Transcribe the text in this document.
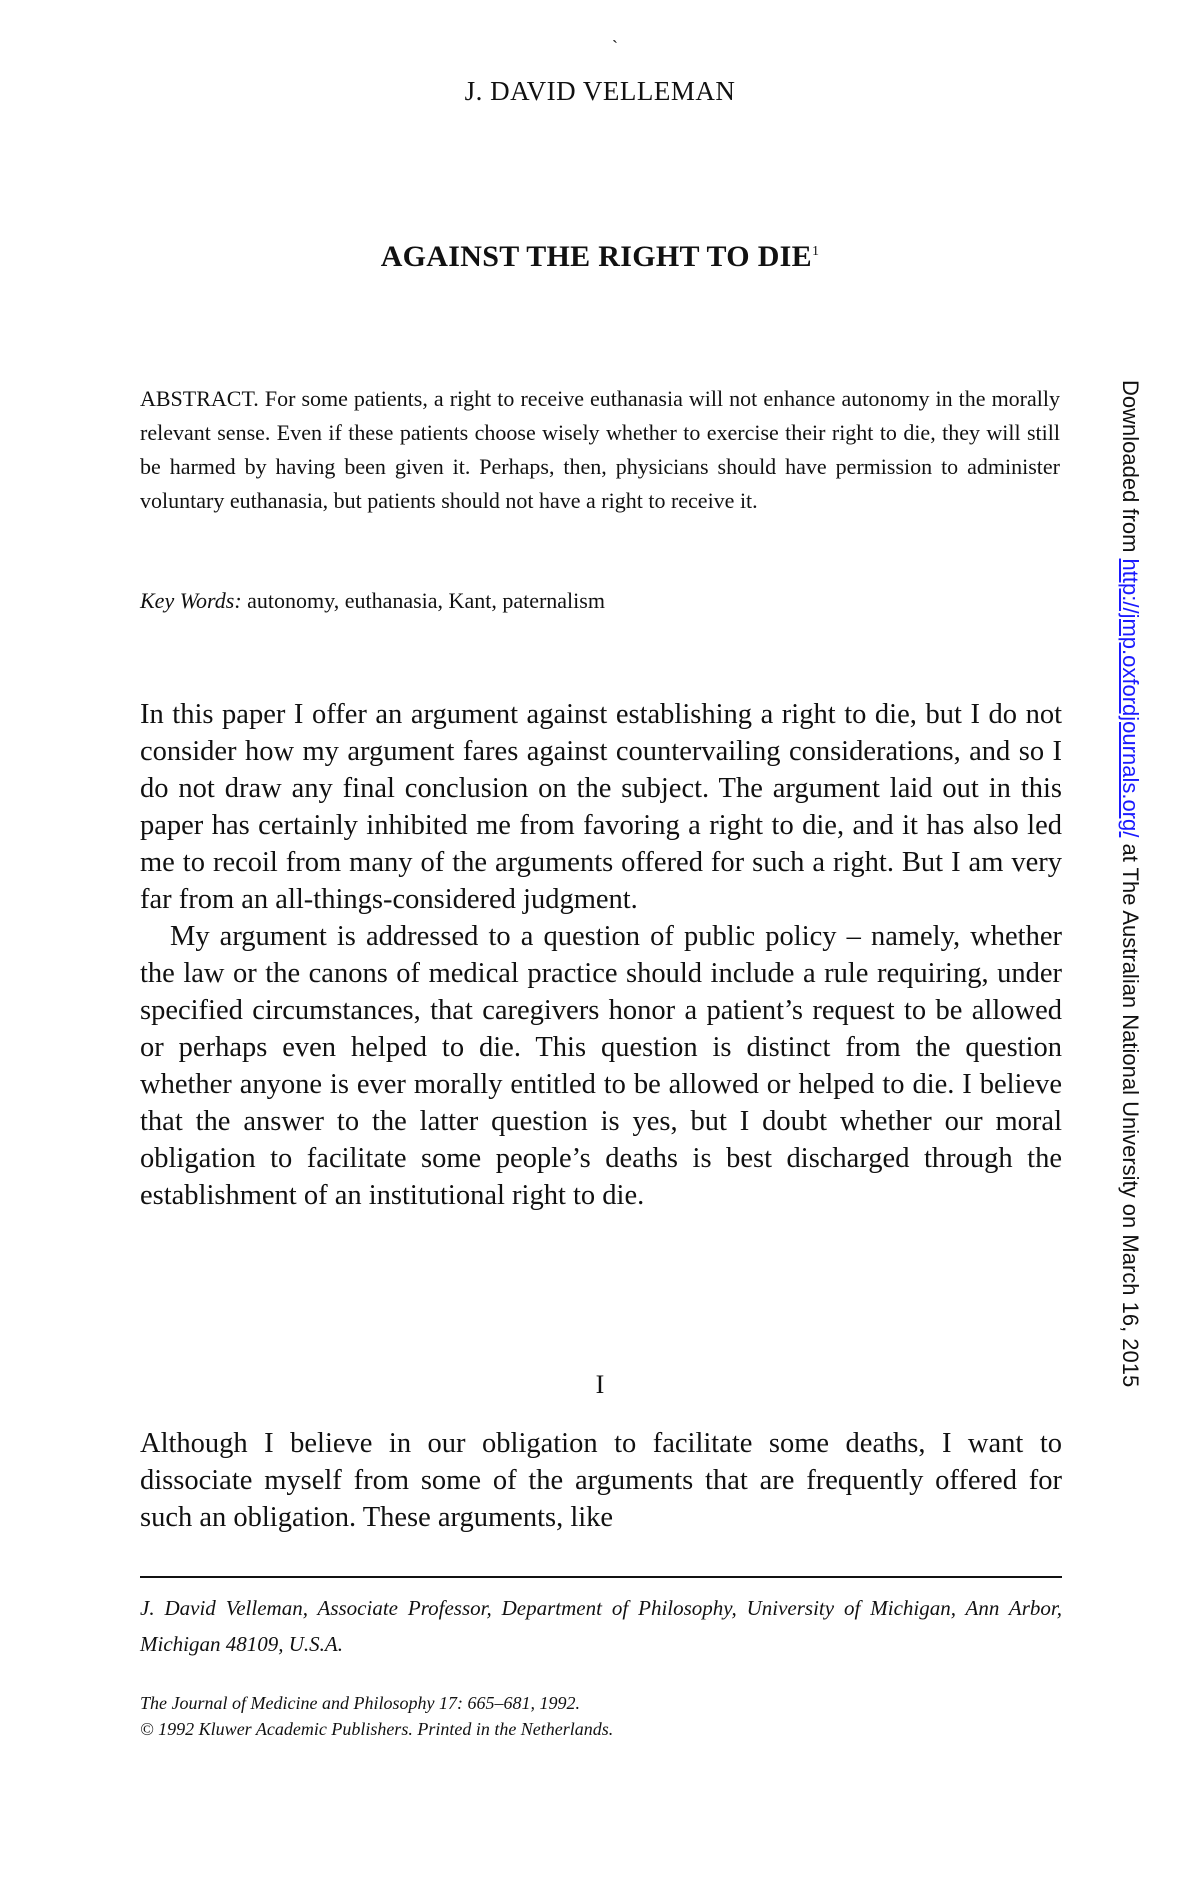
`
J. DAVID VELLEMAN
AGAINST THE RIGHT TO DIE$^1$
ABSTRACT. For some patients, a right to receive euthanasia will not enhance autonomy in the morally relevant sense. Even if these patients choose wisely whether to exercise their right to die, they will still be harmed by having been given it. Perhaps, then, physicians should have permission to administer voluntary euthanasia, but patients should not have a right to receive it.
Key Words: autonomy, euthanasia, Kant, paternalism

In this paper I offer an argument against establishing a right to die, but I do not consider how my argument fares against countervailing considerations, and so I do not draw any final conclusion on the subject. The argument laid out in this paper has certainly inhibited me from favoring a right to die, and it has also led me to recoil from many of the arguments offered for such a right. But I am very far from an all-things-considered judgment.

My argument is addressed to a question of public policy – namely, whether the law or the canons of medical practice should include a rule requiring, under specified circumstances, that caregivers honor a patient’s request to be allowed or perhaps even helped to die. This question is distinct from the question whether anyone is ever morally entitled to be allowed or helped to die. I believe that the answer to the latter question is yes, but I doubt whether our moral obligation to facilitate some people’s deaths is best discharged through the establishment of an institutional right to die.

I

Although I believe in our obligation to facilitate some deaths, I want to dissociate myself from some of the arguments that are frequently offered for such an obligation. These arguments, like

J. David Velleman, Associate Professor, Department of Philosophy, University of Michigan, Ann Arbor, Michigan 48109, U.S.A.
The Journal of Medicine and Philosophy 17: 665–681, 1992.
© 1992 Kluwer Academic Publishers. Printed in the Netherlands.
Downloaded from http://jmp.oxfordjournals.org/ at The Australian National University on March 16, 2015
